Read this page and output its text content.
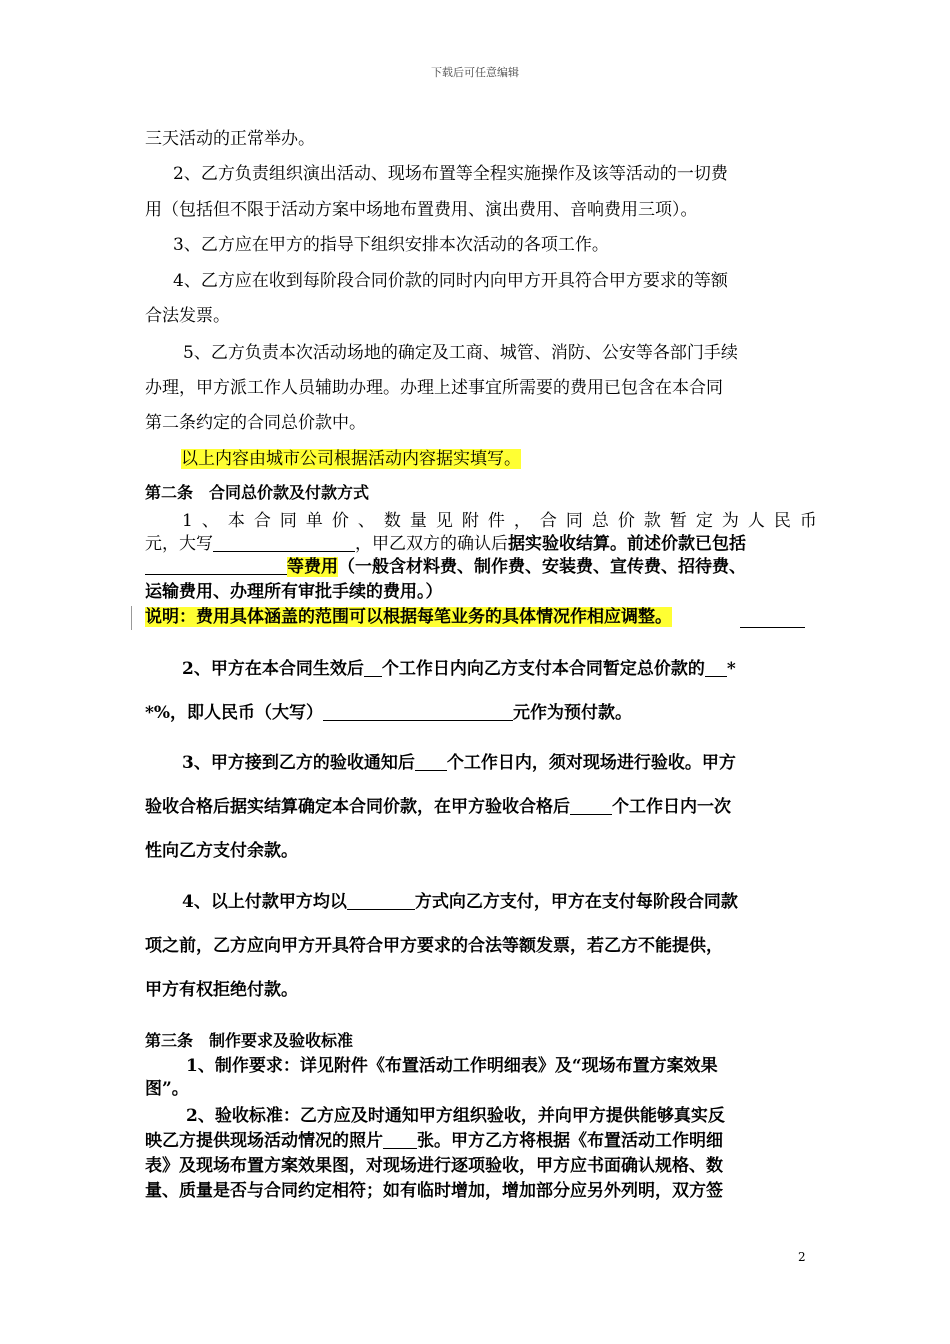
下载后可任意编辑
三天活动的正常举办。
2、乙方负责组织演出活动、现场布置等全程实施操作及该等活动的一切费
用（包括但不限于活动方案中场地布置费用、演出费用、音响费用三项）。
3、乙方应在甲方的指导下组织安排本次活动的各项工作。
4、乙方应在收到每阶段合同价款的同时内向甲方开具符合甲方要求的等额
合法发票。
5、乙方负责本次活动场地的确定及工商、城管、消防、公安等各部门手续
办理，甲方派工作人员辅助办理。办理上述事宜所需要的费用已包含在本合同
第二条约定的合同总价款中。
以上内容由城市公司根据活动内容据实填写。
第二条　合同总价款及付款方式
1、本合同单价、数量见附件，合同总价款暂定为人民币
元，大写	，甲乙双方的确认后据实验收结算。前述价款已包括
等费用（一般含材料费、制作费、安装费、宣传费、招待费、
运输费用、办理所有审批手续的费用。）
说明：费用具体涵盖的范围可以根据每笔业务的具体情况作相应调整。
2、甲方在本合同生效后 个工作日内向乙方支付本合同暂定总价款的 *
*%，即人民币（大写）	元作为预付款。
3、甲方接到乙方的验收通知后 个工作日内，须对现场进行验收。甲方
验收合格后据实结算确定本合同价款，在甲方验收合格后 个工作日内一次
性向乙方支付余款。
4、以上付款甲方均以	方式向乙方支付，甲方在支付每阶段合同款
项之前，乙方应向甲方开具符合甲方要求的合法等额发票，若乙方不能提供，
甲方有权拒绝付款。
第三条　制作要求及验收标准
1、制作要求：详见附件《布置活动工作明细表》及“现场布置方案效果
图”。
2、验收标准：乙方应及时通知甲方组织验收，并向甲方提供能够真实反
映乙方提供现场活动情况的照片 张。甲方乙方将根据《布置活动工作明细
表》及现场布置方案效果图，对现场进行逐项验收，甲方应书面确认规格、数
量、质量是否与合同约定相符；如有临时增加，增加部分应另外列明，双方签
2
